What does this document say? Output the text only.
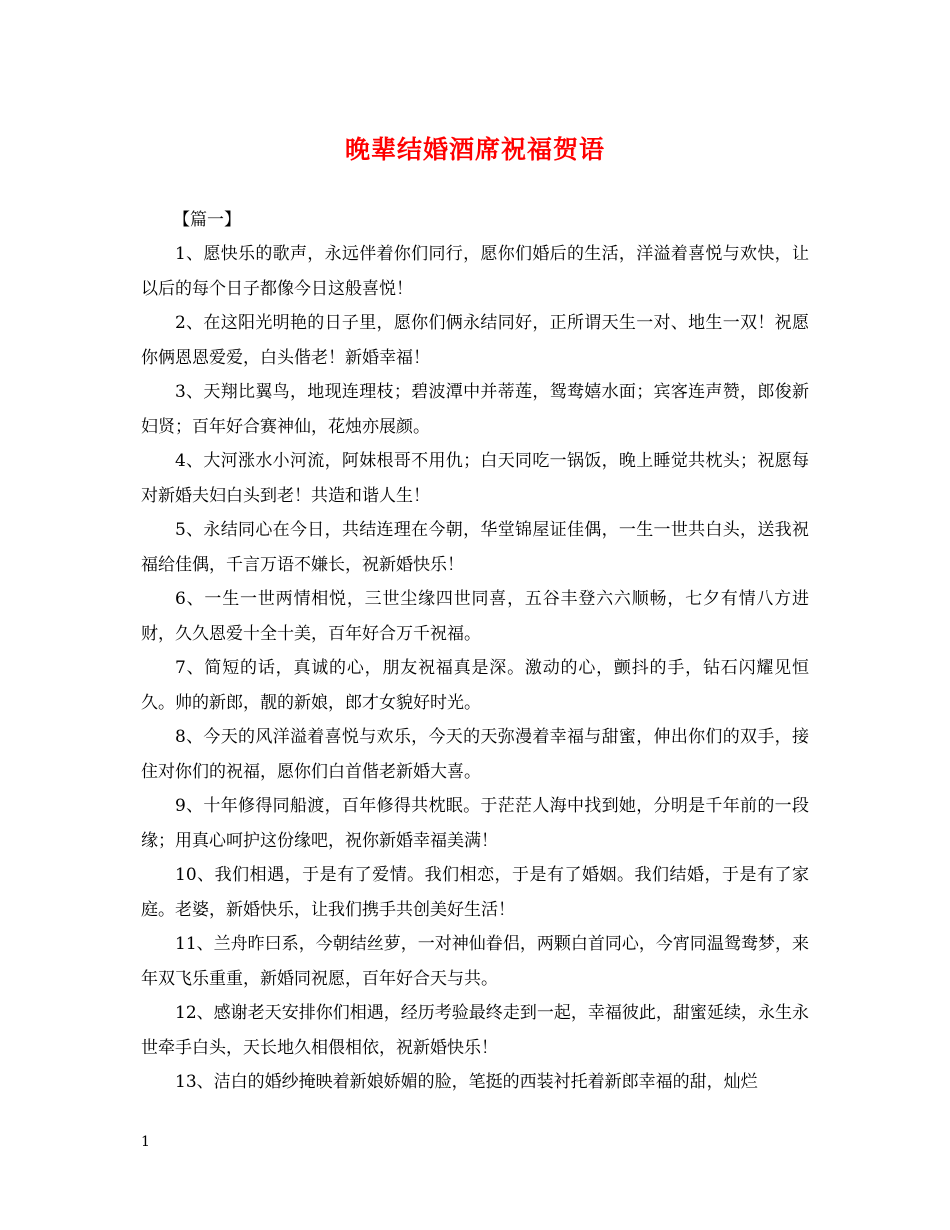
晚辈结婚酒席祝福贺语
【篇一】

1、愿快乐的歌声，永远伴着你们同行，愿你们婚后的生活，洋溢着喜悦与欢快，让以后的每个日子都像今日这般喜悦！

2、在这阳光明艳的日子里，愿你们俩永结同好，正所谓天生一对、地生一双！祝愿你俩恩恩爱爱，白头偕老！新婚幸福！

3、天翔比翼鸟，地现连理枝；碧波潭中并蒂莲，鸳鸯嬉水面；宾客连声赞，郎俊新妇贤；百年好合赛神仙，花烛亦展颜。

4、大河涨水小河流，阿妹根哥不用仇；白天同吃一锅饭，晚上睡觉共枕头；祝愿每对新婚夫妇白头到老！共造和谐人生！

5、永结同心在今日，共结连理在今朝，华堂锦屋证佳偶，一生一世共白头，送我祝福给佳偶，千言万语不嫌长，祝新婚快乐！

6、一生一世两情相悦，三世尘缘四世同喜，五谷丰登六六顺畅，七夕有情八方进财，久久恩爱十全十美，百年好合万千祝福。

7、简短的话，真诚的心，朋友祝福真是深。激动的心，颤抖的手，钻石闪耀见恒久。帅的新郎，靓的新娘，郎才女貌好时光。

8、今天的风洋溢着喜悦与欢乐，今天的天弥漫着幸福与甜蜜，伸出你们的双手，接住对你们的祝福，愿你们白首偕老新婚大喜。

9、十年修得同船渡，百年修得共枕眠。于茫茫人海中找到她，分明是千年前的一段缘；用真心呵护这份缘吧，祝你新婚幸福美满！

10、我们相遇，于是有了爱情。我们相恋，于是有了婚姻。我们结婚，于是有了家庭。老婆，新婚快乐，让我们携手共创美好生活！

11、兰舟昨曰系，今朝结丝萝，一对神仙眷侣，两颗白首同心，今宵同温鸳鸯梦，来年双飞乐重重，新婚同祝愿，百年好合天与共。

12、感谢老天安排你们相遇，经历考验最终走到一起，幸福彼此，甜蜜延续，永生永世牵手白头，天长地久相偎相依，祝新婚快乐！

13、洁白的婚纱掩映着新娘娇媚的脸，笔挺的西装衬托着新郎幸福的甜，灿烂

1
